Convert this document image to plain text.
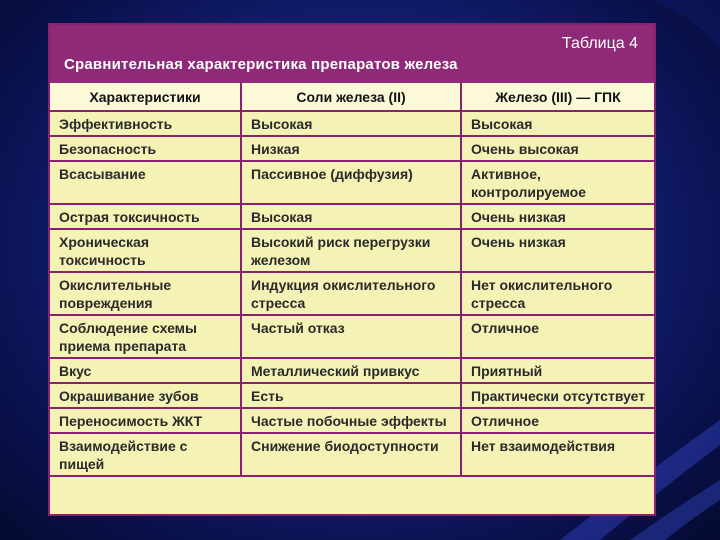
Таблица 4
Сравнительная характеристика препаратов железа
Характеристики	Соли железа (II)	Железо (III) — ГПК
Эффективность	Высокая	Высокая
Безопасность	Низкая	Очень высокая
Всасывание	Пассивное (диффузия)	Активное, контролируемое
Острая токсичность	Высокая	Очень низкая
Хроническая токсичность	Высокий риск перегрузки железом	Очень низкая
Окислительные повреждения	Индукция окислительного стресса	Нет окислительного стресса
Соблюдение схемы приема препарата	Частый отказ	Отличное
Вкус	Металлический привкус	Приятный
Окрашивание зубов	Есть	Практически отсутствует
Переносимость ЖКТ	Частые побочные эффекты	Отличное
Взаимодействие с пищей	Снижение биодоступности	Нет взаимодействия
